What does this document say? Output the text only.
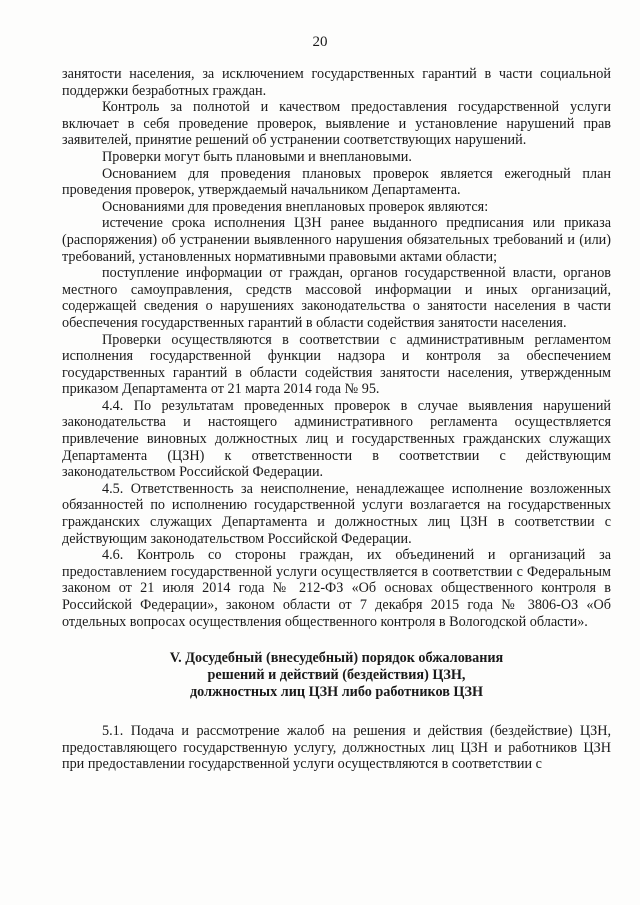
20

занятости населения, за исключением государственных гарантий в части социальной поддержки безработных граждан.

Контроль за полнотой и качеством предоставления государственной услуги включает в себя проведение проверок, выявление и установление нарушений прав заявителей, принятие решений об устранении соответствующих нарушений.

Проверки могут быть плановыми и внеплановыми.

Основанием для проведения плановых проверок является ежегодный план проведения проверок, утверждаемый начальником Департамента.

Основаниями для проведения внеплановых проверок являются:

истечение срока исполнения ЦЗН ранее выданного предписания или приказа (распоряжения) об устранении выявленного нарушения обязательных требований и (или) требований, установленных нормативными правовыми актами области;

поступление информации от граждан, органов государственной власти, органов местного самоуправления, средств массовой информации и иных организаций, содержащей сведения о нарушениях законодательства о занятости населения в части обеспечения государственных гарантий в области содействия занятости населения.

Проверки осуществляются в соответствии с административным регламентом исполнения государственной функции надзора и контроля за обеспечением государственных гарантий в области содействия занятости населения, утвержденным приказом Департамента от 21 марта 2014 года № 95.

4.4. По результатам проведенных проверок в случае выявления нарушений законодательства и настоящего административного регламента осуществляется привлечение виновных должностных лиц и государственных гражданских служащих Департамента (ЦЗН) к ответственности в соответствии с действующим законодательством Российской Федерации.

4.5. Ответственность за неисполнение, ненадлежащее исполнение возложенных обязанностей по исполнению государственной услуги возлагается на государственных гражданских служащих Департамента и должностных лиц ЦЗН в соответствии с действующим законодательством Российской Федерации.

4.6. Контроль со стороны граждан, их объединений и организаций за предоставлением государственной услуги осуществляется в соответствии с Федеральным законом от 21 июля 2014 года № 212-ФЗ «Об основах общественного контроля в Российской Федерации», законом области от 7 декабря 2015 года № 3806-ОЗ «Об отдельных вопросах осуществления общественного контроля в Вологодской области».

V. Досудебный (внесудебный) порядок обжалования
решений и действий (бездействия) ЦЗН,
должностных лиц ЦЗН либо работников ЦЗН

5.1. Подача и рассмотрение жалоб на решения и действия (бездействие) ЦЗН, предоставляющего государственную услугу, должностных лиц ЦЗН и работников ЦЗН при предоставлении государственной услуги осуществляются в соответствии с
